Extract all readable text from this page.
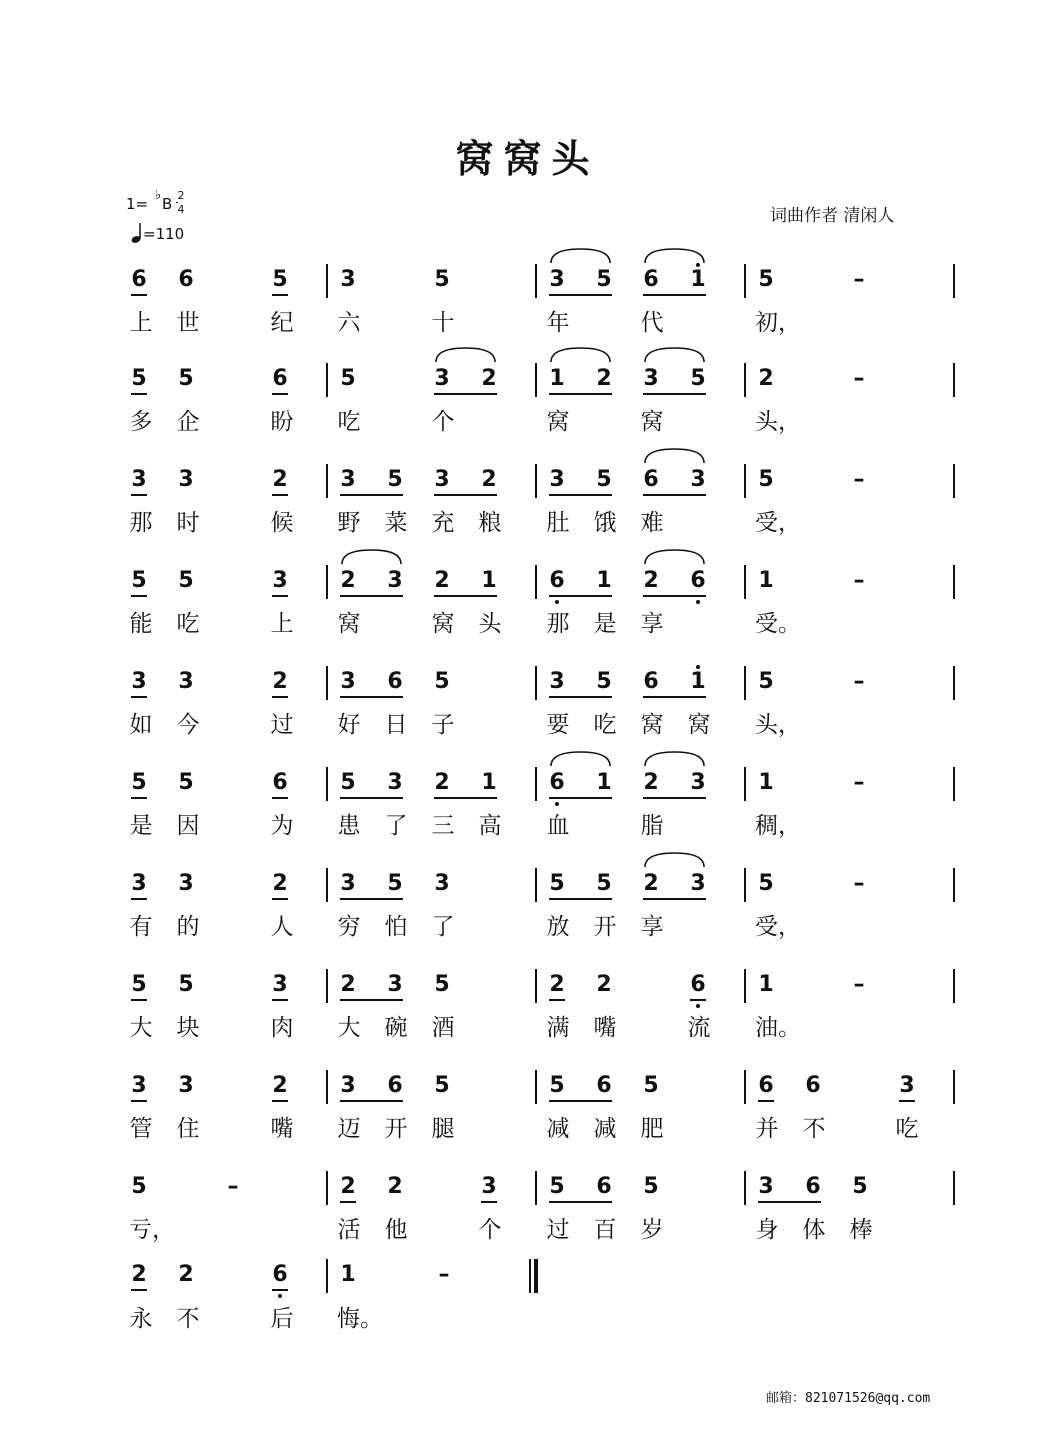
窝窝头
1= ♭ B 2
4
=110
词曲作者 清闲人
6 6	5 3	5	3 5 6 1 5	–
上 世	纪 六	十	年	代	初，
5 5	6 5	3 2 1 2 3 5 2	–
多 企	盼 吃	个	窝	窝	头，
3 3	2 3 5 3 2 3 5 6 3 5	–
那 时	候 野 菜 充 粮 肚 饿 难	受，
5 5	3 2 3 2 1 6 1 2 6 1	–
能 吃	上 窝	窝 头 那 是 享	受。
3 3	2 3 6 5	3 5 6 1 5	–
如 今	过 好 日 子	要 吃 窝 窝 头，
5 5	6 5 3 2 1 6 1 2 3 1	–
是 因	为 患 了 三 高 血	脂	稠，
3 3	2 3 5 3	5 5 2 3 5	–
有 的	人 穷 怕 了	放 开 享	受，
5 5	3 2 3 5	2 2	6 1	–
大 块	肉 大 碗 酒	满 嘴	流 油。
3 3	2 3 6 5	5 6 5	6 6	3
管 住	嘴 迈 开 腿	减 减 肥	并 不	吃
5	–	2 2	3 5 6 5	3 6 5
亏，	活 他	个 过 百 岁	身 体 棒
2 2	6 1	–
永 不	后 悔。
邮箱：821071526@qq.com
